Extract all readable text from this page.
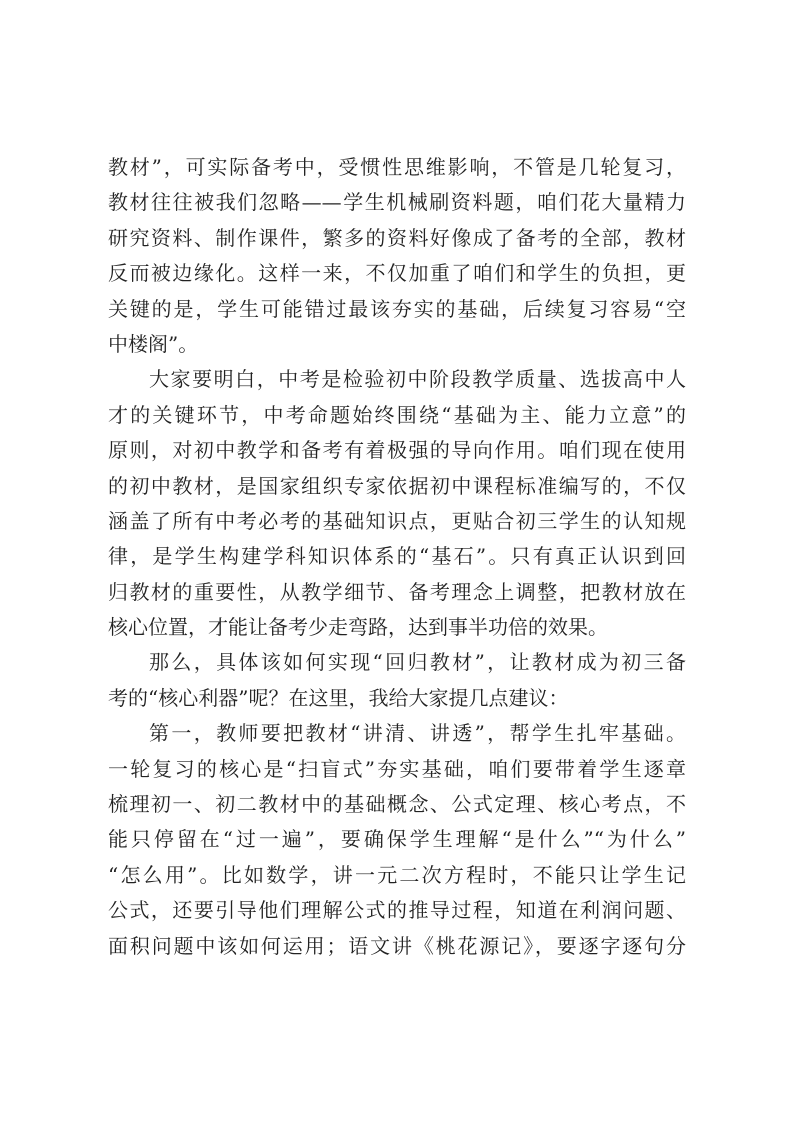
教材”，可实际备考中，受惯性思维影响，不管是几轮复习，
教材往往被我们忽略——学生机械刷资料题，咱们花大量精力
研究资料、制作课件，繁多的资料好像成了备考的全部，教材
反而被边缘化。这样一来，不仅加重了咱们和学生的负担，更
关键的是，学生可能错过最该夯实的基础，后续复习容易“空
中楼阁”。
大家要明白，中考是检验初中阶段教学质量、选拔高中人
才的关键环节，中考命题始终围绕“基础为主、能力立意”的
原则，对初中教学和备考有着极强的导向作用。咱们现在使用
的初中教材，是国家组织专家依据初中课程标准编写的，不仅
涵盖了所有中考必考的基础知识点，更贴合初三学生的认知规
律，是学生构建学科知识体系的“基石”。只有真正认识到回
归教材的重要性，从教学细节、备考理念上调整，把教材放在
核心位置，才能让备考少走弯路，达到事半功倍的效果。
那么，具体该如何实现“回归教材”，让教材成为初三备
考的“核心利器”呢？在这里，我给大家提几点建议：
第一，教师要把教材“讲清、讲透”，帮学生扎牢基础。
一轮复习的核心是“扫盲式”夯实基础，咱们要带着学生逐章
梳理初一、初二教材中的基础概念、公式定理、核心考点，不
能只停留在“过一遍”，要确保学生理解“是什么”“为什么”
“怎么用”。比如数学，讲一元二次方程时，不能只让学生记
公式，还要引导他们理解公式的推导过程，知道在利润问题、
面积问题中该如何运用；语文讲《桃花源记》，要逐字逐句分
